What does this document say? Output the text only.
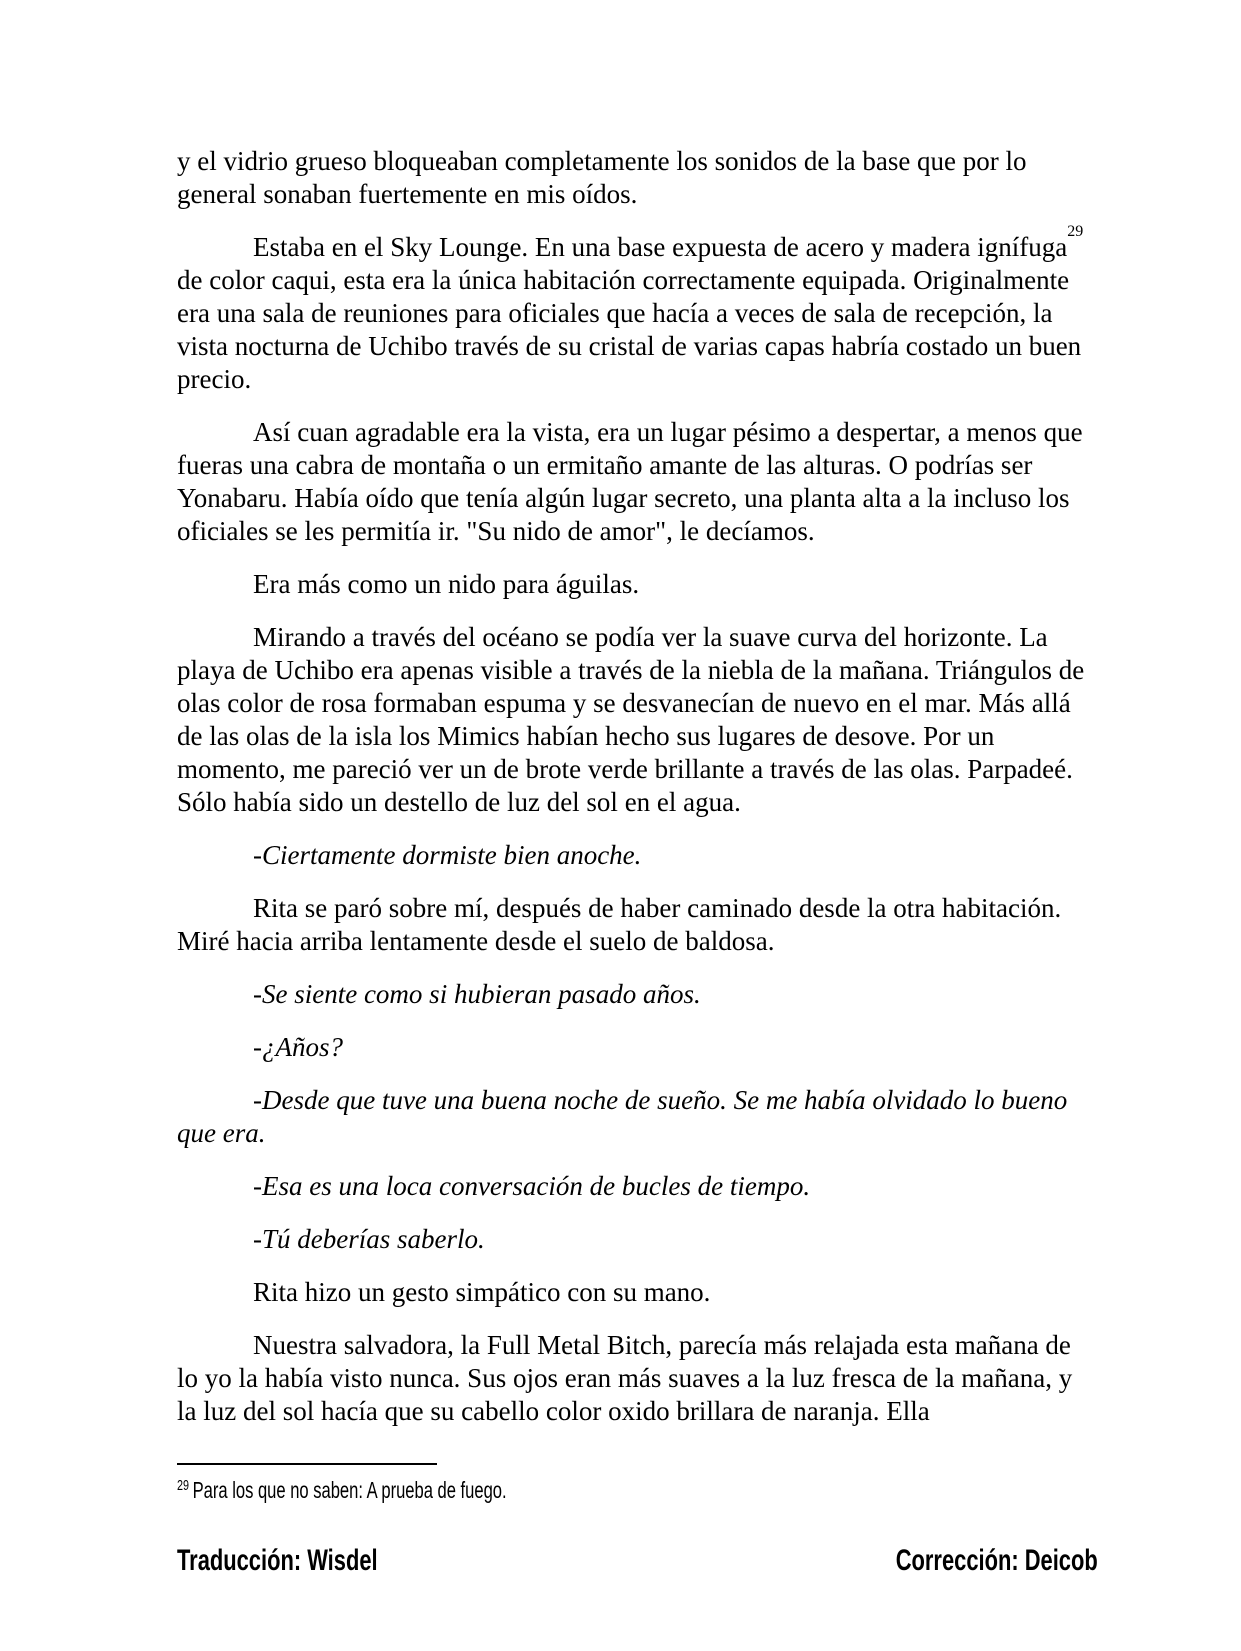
y el vidrio grueso bloqueaban completamente los sonidos de la base que por lo general sonaban fuertemente en mis oídos.

Estaba en el Sky Lounge. En una base expuesta de acero y madera ignífuga$^{29}$ de color caqui, esta era la única habitación correctamente equipada. Originalmente era una sala de reuniones para oficiales que hacía a veces de sala de recepción, la vista nocturna de Uchibo través de su cristal de varias capas habría costado un buen precio.

Así cuan agradable era la vista, era un lugar pésimo a despertar, a menos que fueras una cabra de montaña o un ermitaño amante de las alturas. O podrías ser Yonabaru. Había oído que tenía algún lugar secreto, una planta alta a la incluso los oficiales se les permitía ir. "Su nido de amor", le decíamos.

Era más como un nido para águilas.

Mirando a través del océano se podía ver la suave curva del horizonte. La playa de Uchibo era apenas visible a través de la niebla de la mañana. Triángulos de olas color de rosa formaban espuma y se desvanecían de nuevo en el mar. Más allá de las olas de la isla los Mimics habían hecho sus lugares de desove. Por un momento, me pareció ver un de brote verde brillante a través de las olas. Parpadeé. Sólo había sido un destello de luz del sol en el agua.

-Ciertamente dormiste bien anoche.

Rita se paró sobre mí, después de haber caminado desde la otra habitación. Miré hacia arriba lentamente desde el suelo de baldosa.

-Se siente como si hubieran pasado años.

-¿Años?

-Desde que tuve una buena noche de sueño. Se me había olvidado lo bueno que era.

-Esa es una loca conversación de bucles de tiempo.

-Tú deberías saberlo.

Rita hizo un gesto simpático con su mano.

Nuestra salvadora, la Full Metal Bitch, parecía más relajada esta mañana de lo yo la había visto nunca. Sus ojos eran más suaves a la luz fresca de la mañana, y la luz del sol hacía que su cabello color oxido brillara de naranja. Ella

$^{29}$ Para los que no saben: A prueba de fuego.
Traducción: Wisdel	Corrección: Deicob
